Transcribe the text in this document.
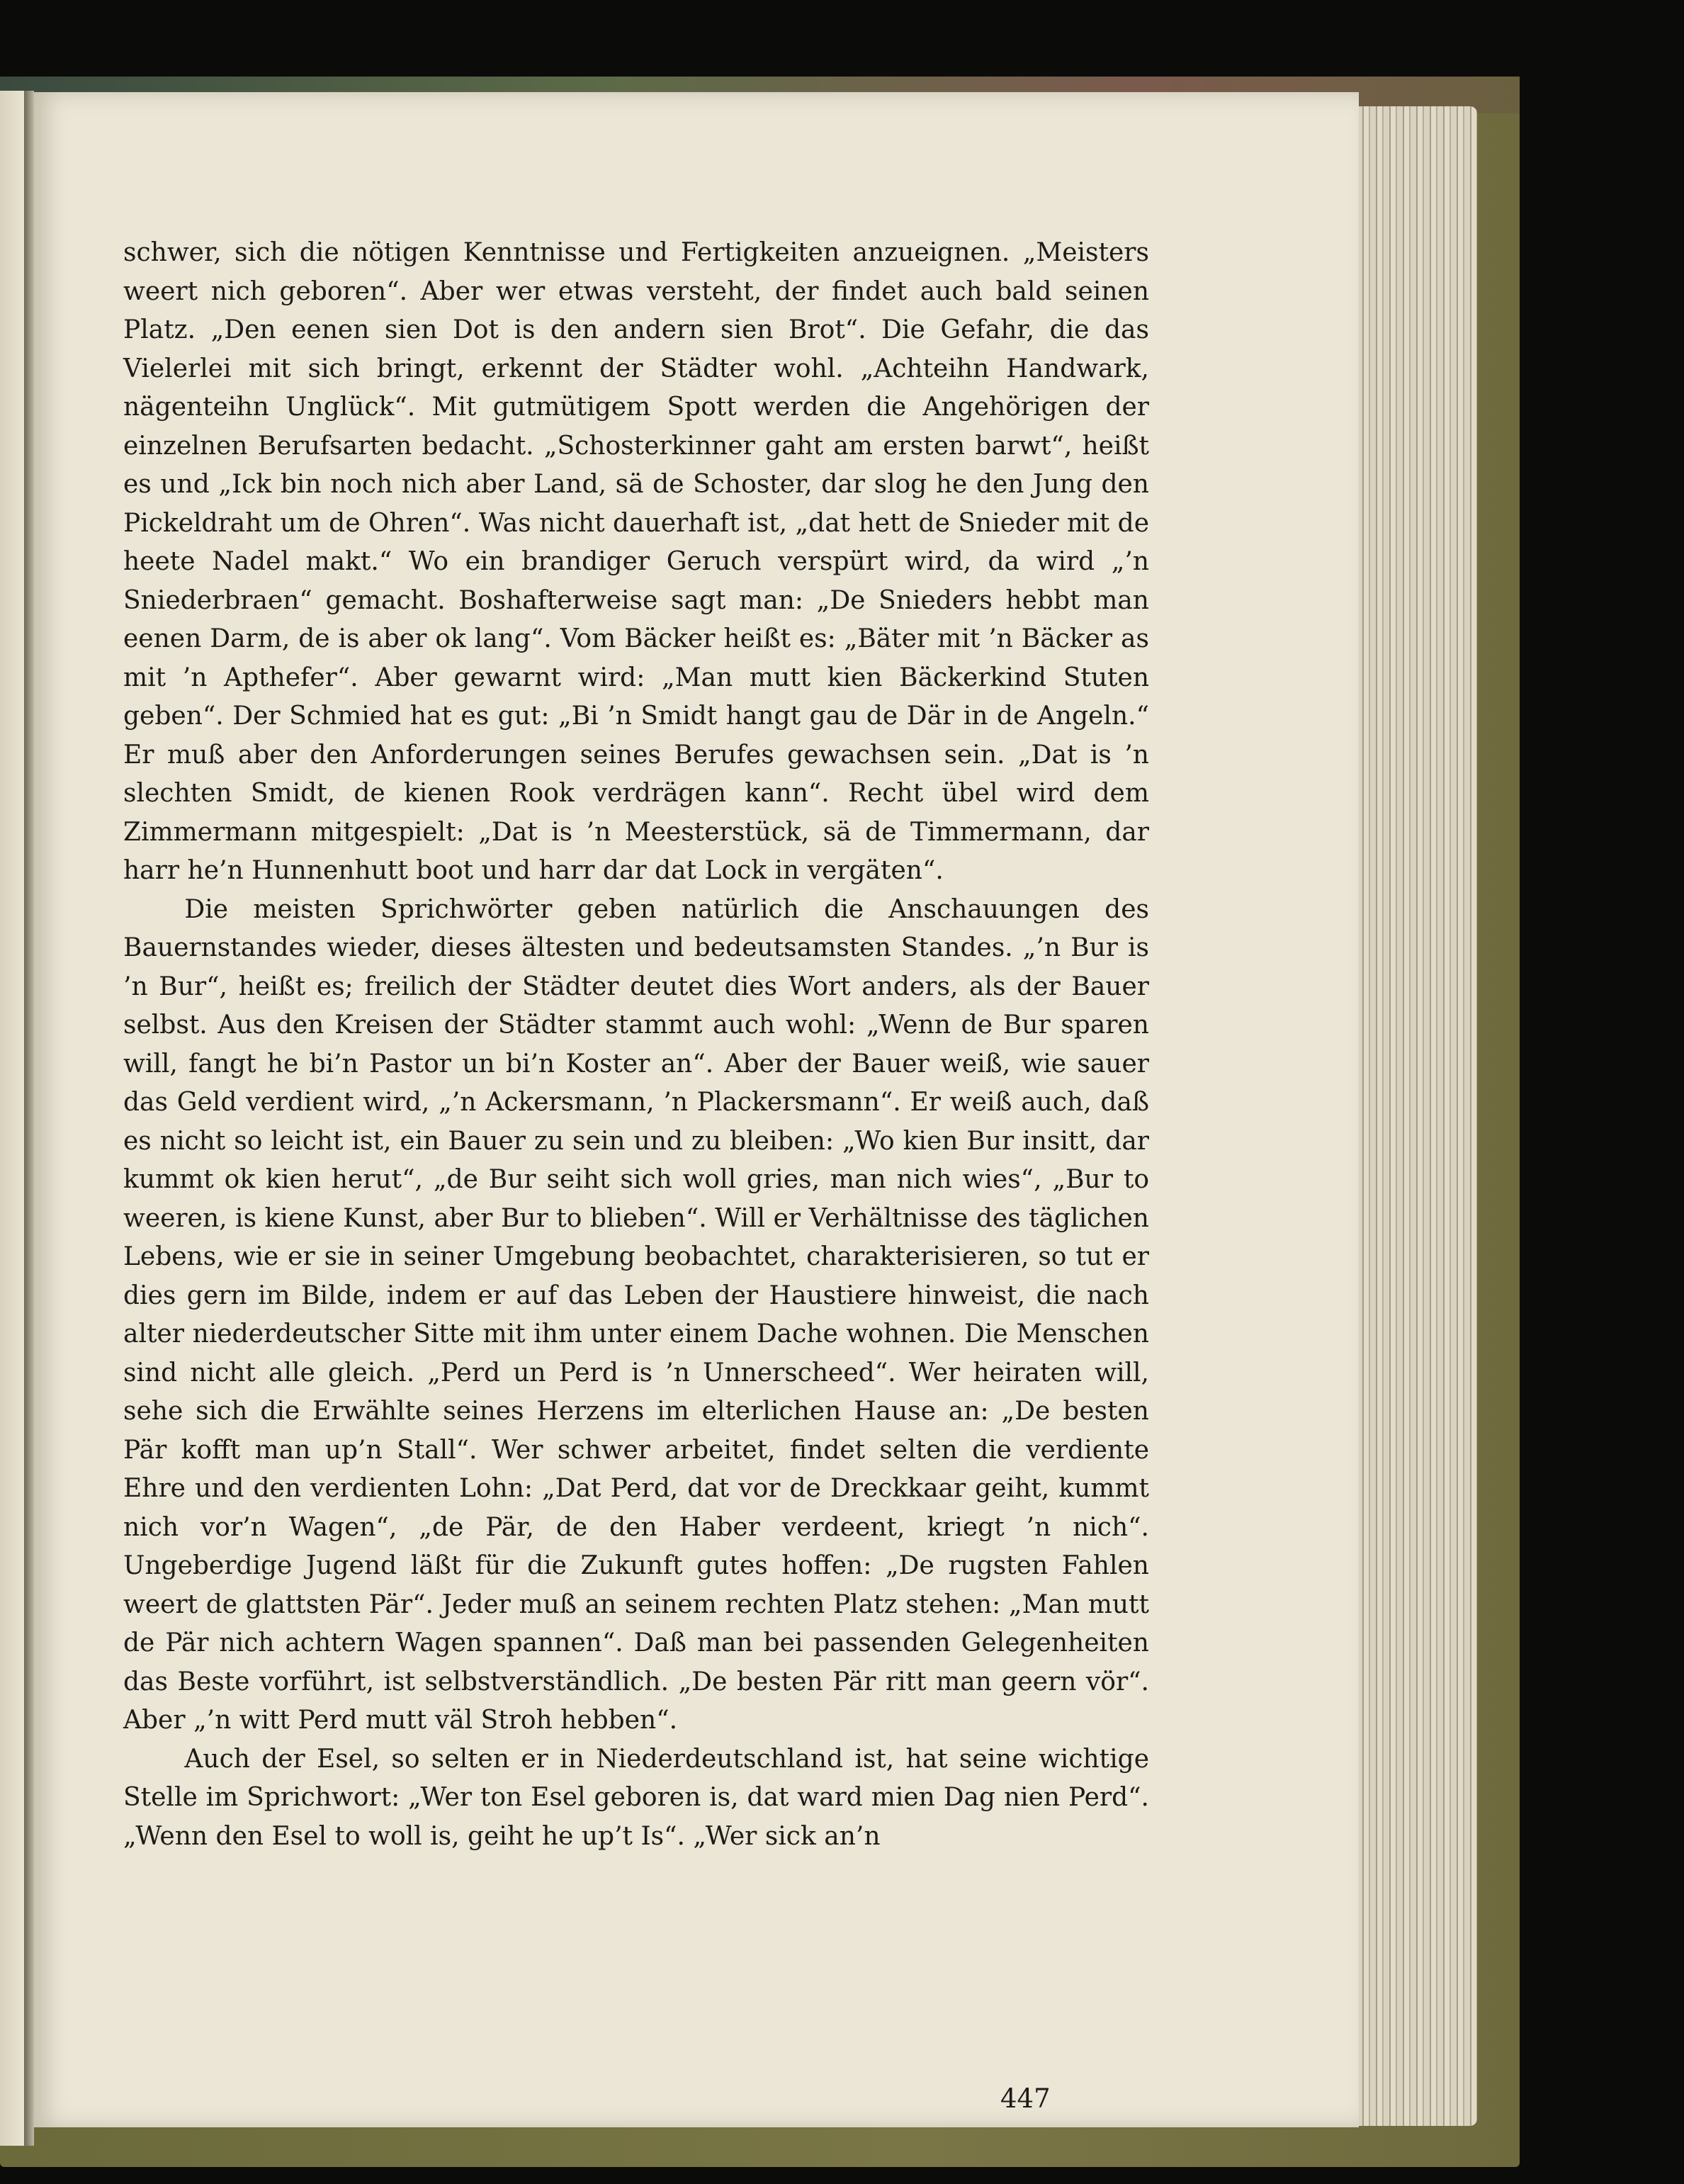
schwer, sich die nötigen Kenntnisse und Fertigkeiten anzueignen. „Meisters weert nich geboren“. Aber wer etwas versteht, der findet auch bald seinen Platz. „Den eenen sien Dot is den andern sien Brot“. Die Gefahr, die das Vielerlei mit sich bringt, erkennt der Städter wohl. „Achteihn Handwark, nägenteihn Unglück“. Mit gutmütigem Spott werden die Angehörigen der einzelnen Berufsarten bedacht. „Schosterkinner gaht am ersten barwt“, heißt es und „Ick bin noch nich aber Land, sä de Schoster, dar slog he den Jung den Pickeldraht um de Ohren“. Was nicht dauerhaft ist, „dat hett de Snieder mit de heete Nadel makt.“ Wo ein brandiger Geruch verspürt wird, da wird „’n Sniederbraen“ gemacht. Boshafterweise sagt man: „De Snieders hebbt man eenen Darm, de is aber ok lang“. Vom Bäcker heißt es: „Bäter mit ’n Bäcker as mit ’n Apthefer“. Aber gewarnt wird: „Man mutt kien Bäckerkind Stuten geben“. Der Schmied hat es gut: „Bi ’n Smidt hangt gau de Där in de Angeln.“ Er muß aber den Anforderungen seines Berufes gewachsen sein. „Dat is ’n slechten Smidt, de kienen Rook verdrägen kann“. Recht übel wird dem Zimmermann mitgespielt: „Dat is ’n Meesterstück, sä de Timmermann, dar harr he’n Hunnenhutt boot und harr dar dat Lock in vergäten“.

Die meisten Sprichwörter geben natürlich die Anschauungen des Bauernstandes wieder, dieses ältesten und bedeutsamsten Standes. „’n Bur is ’n Bur“, heißt es; freilich der Städter deutet dies Wort anders, als der Bauer selbst. Aus den Kreisen der Städter stammt auch wohl: „Wenn de Bur sparen will, fangt he bi’n Pastor un bi’n Koster an“. Aber der Bauer weiß, wie sauer das Geld verdient wird, „’n Ackersmann, ’n Plackersmann“. Er weiß auch, daß es nicht so leicht ist, ein Bauer zu sein und zu bleiben: „Wo kien Bur insitt, dar kummt ok kien herut“, „de Bur seiht sich woll gries, man nich wies“, „Bur to weeren, is kiene Kunst, aber Bur to blieben“. Will er Verhältnisse des täglichen Lebens, wie er sie in seiner Umgebung beobachtet, charakterisieren, so tut er dies gern im Bilde, indem er auf das Leben der Haustiere hinweist, die nach alter niederdeutscher Sitte mit ihm unter einem Dache wohnen. Die Menschen sind nicht alle gleich. „Perd un Perd is ’n Unnerscheed“. Wer heiraten will, sehe sich die Erwählte seines Herzens im elterlichen Hause an: „De besten Pär kofft man up’n Stall“. Wer schwer arbeitet, findet selten die verdiente Ehre und den verdienten Lohn: „Dat Perd, dat vor de Dreckkaar geiht, kummt nich vor’n Wagen“, „de Pär, de den Haber verdeent, kriegt ’n nich“. Ungeberdige Jugend läßt für die Zukunft gutes hoffen: „De rugsten Fahlen weert de glattsten Pär“. Jeder muß an seinem rechten Platz stehen: „Man mutt de Pär nich achtern Wagen spannen“. Daß man bei passenden Gelegenheiten das Beste vorführt, ist selbstverständlich. „De besten Pär ritt man geern vör“. Aber „’n witt Perd mutt väl Stroh hebben“.

Auch der Esel, so selten er in Niederdeutschland ist, hat seine wichtige Stelle im Sprichwort: „Wer ton Esel geboren is, dat ward mien Dag nien Perd“. „Wenn den Esel to woll is, geiht he up’t Is“. „Wer sick an’n

447
